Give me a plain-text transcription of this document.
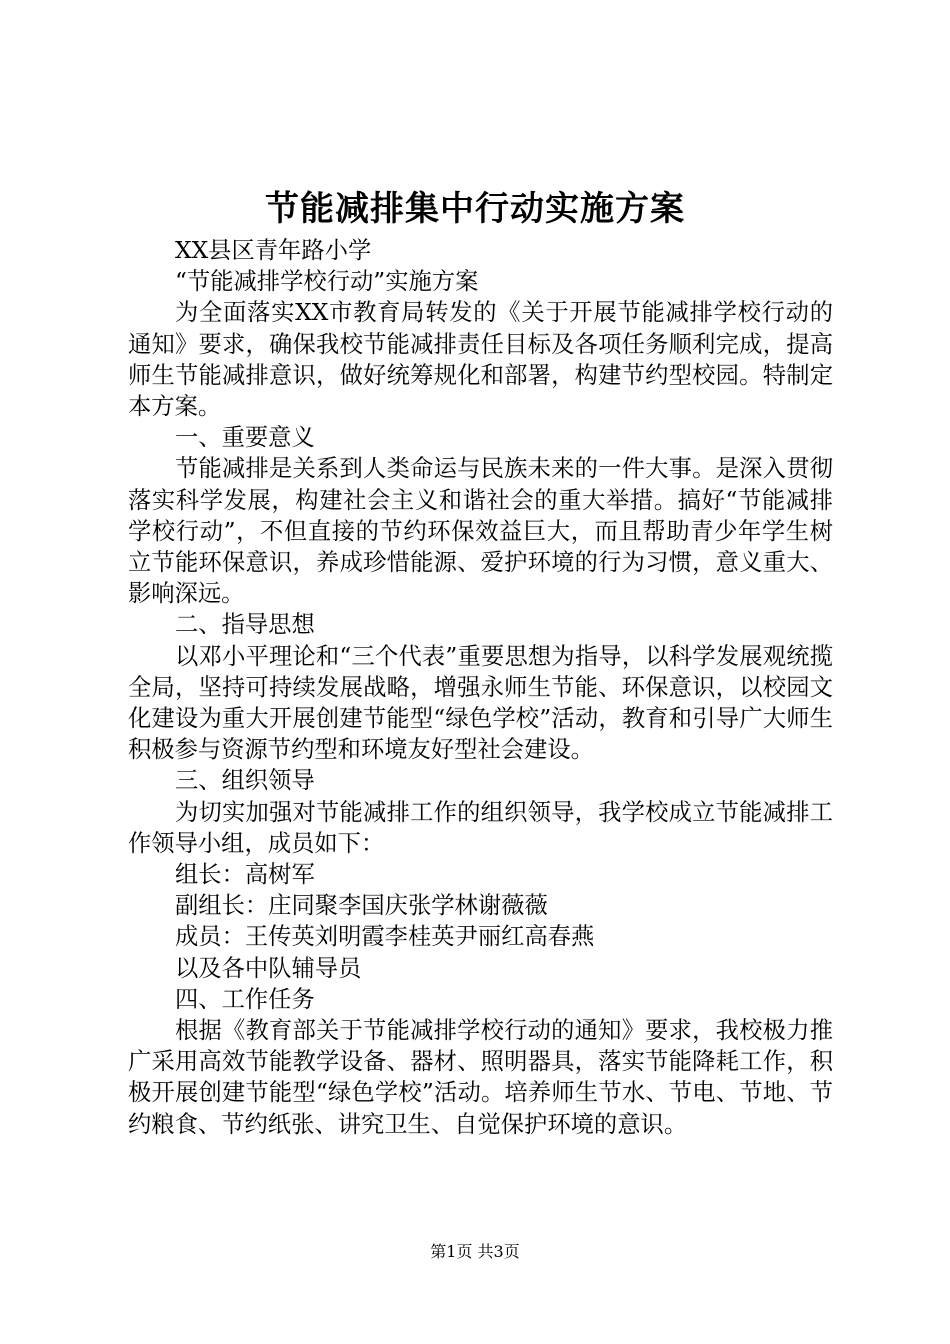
节能减排集中行动实施方案

XX县区青年路小学

“节能减排学校行动”实施方案

为全面落实XX市教育局转发的《关于开展节能减排学校行动的通知》要求，确保我校节能减排责任目标及各项任务顺利完成，提高师生节能减排意识，做好统筹规化和部署，构建节约型校园。特制定本方案。

一、重要意义

节能减排是关系到人类命运与民族未来的一件大事。是深入贯彻落实科学发展，构建社会主义和谐社会的重大举措。搞好“节能减排学校行动”，不但直接的节约环保效益巨大，而且帮助青少年学生树立节能环保意识，养成珍惜能源、爱护环境的行为习惯，意义重大、影响深远。

二、指导思想

以邓小平理论和“三个代表”重要思想为指导，以科学发展观统揽全局，坚持可持续发展战略，增强永师生节能、环保意识，以校园文化建设为重大开展创建节能型“绿色学校”活动，教育和引导广大师生积极参与资源节约型和环境友好型社会建设。

三、组织领导

为切实加强对节能减排工作的组织领导，我学校成立节能减排工作领导小组，成员如下：

组长：高树军

副组长：庄同聚李国庆张学林谢薇薇

成员：王传英刘明霞李桂英尹丽红高春燕

以及各中队辅导员

四、工作任务

根据《教育部关于节能减排学校行动的通知》要求，我校极力推广采用高效节能教学设备、器材、照明器具，落实节能降耗工作，积极开展创建节能型“绿色学校”活动。培养师生节水、节电、节地、节约粮食、节约纸张、讲究卫生、自觉保护环境的意识。

第1页 共3页
